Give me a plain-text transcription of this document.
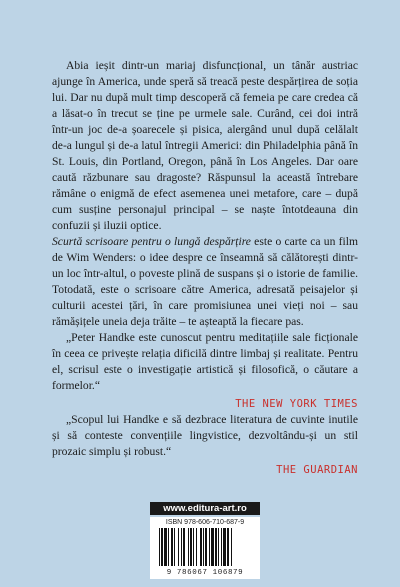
Abia ieșit dintr-un mariaj disfuncțional, un tânăr austriac ajunge în America, unde speră să treacă peste despărțirea de soția lui. Dar nu după mult timp descoperă că femeia pe care credea că a lăsat-o în trecut se ține pe urmele sale. Curând, cei doi intră într-un joc de-a șoarecele și pisica, alergând unul după celălalt de-a lungul și de-a latul întregii Americi: din Philadelphia până în St. Louis, din Portland, Oregon, până în Los Angeles. Dar oare caută răzbunare sau dragoste? Răspunsul la această întrebare rămâne o enigmă de efect asemenea unei metafore, care – după cum susține personajul principal – se naște întotdeauna din confuzii și iluzii optice.
Scurtă scrisoare pentru o lungă despărțire este o carte ca un film de Wim Wenders: o idee despre ce înseamnă să călătorești dintr-un loc într-altul, o poveste plină de suspans și o istorie de familie. Totodată, este o scrisoare către America, adresată peisajelor și culturii acestei țări, în care promisiunea unei vieți noi – sau rămășițele uneia deja trăite – te așteaptă la fiecare pas.
„Peter Handke este cunoscut pentru meditațiile sale ficționale în ceea ce privește relația dificilă dintre limbaj și realitate. Pentru el, scrisul este o investigație artistică și filosofică, o căutare a formelor.“
THE NEW YORK TIMES
„Scopul lui Handke e să dezbrace literatura de cuvinte inutile și să conteste convențiile lingvistice, dezvoltându-și un stil prozaic simplu și robust.“
THE GUARDIAN
www.editura-art.ro
ISBN 978-606-710-687-9
9 786067 106879
